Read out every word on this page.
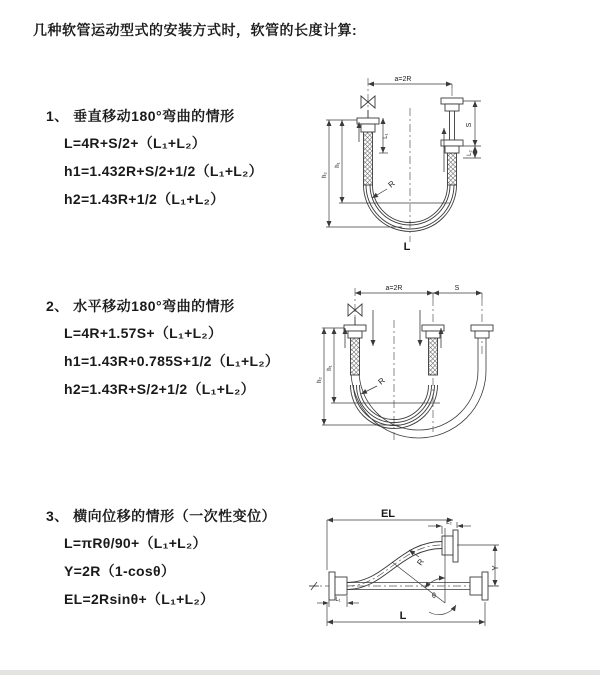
几种软管运动型式的安装方式时，软管的长度计算:
1、 垂直移动180°弯曲的情形

L=4R+S/2+（L₁+L₂）

h1=1.432R+S/2+1/2（L₁+L₂）

h2=1.43R+1/2（L₁+L₂）

2、 水平移动180°弯曲的情形

L=4R+1.57S+（L₁+L₂）

h1=1.43R+0.785S+1/2（L₁+L₂）

h2=1.43R+S/2+1/2（L₁+L₂）

3、 横向位移的情形（一次性变位）

L=πRθ/90+（L₁+L₂）

Y=2R（1-cosθ）

EL=2Rsinθ+（L₁+L₂）

a=2R
S
L₂
L₁
h₁
h₂
R
L
a=2R	S
h₁
h₂	R
EL
L₂
Y
L₁
R
θ
L
